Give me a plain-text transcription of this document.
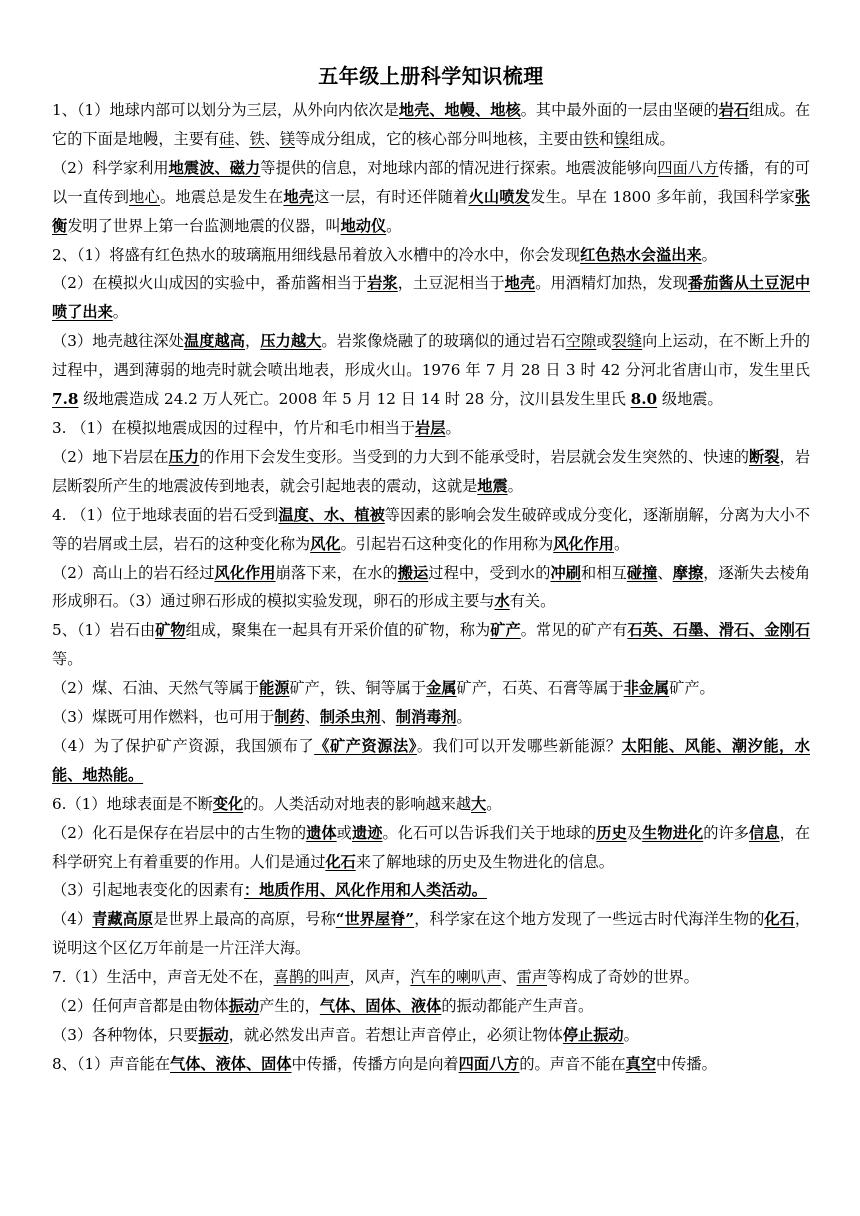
五年级上册科学知识梳理

1、（1）地球内部可以划分为三层，从外向内依次是地壳、地幔、地核。其中最外面的一层由坚硬的岩石组成。在它的下面是地幔，主要有硅、铁、镁等成分组成，它的核心部分叫地核，主要由铁和镍组成。

（2）科学家利用地震波、磁力等提供的信息，对地球内部的情况进行探索。地震波能够向四面八方传播，有的可以一直传到地心。地震总是发生在地壳这一层，有时还伴随着火山喷发发生。早在 1800 多年前，我国科学家张衡发明了世界上第一台监测地震的仪器，叫地动仪。

2、（1）将盛有红色热水的玻璃瓶用细线悬吊着放入水槽中的冷水中，你会发现红色热水会溢出来。

（2）在模拟火山成因的实验中，番茄酱相当于岩浆，土豆泥相当于地壳。用酒精灯加热，发现番茄酱从土豆泥中喷了出来。

（3）地壳越往深处温度越高，压力越大。岩浆像烧融了的玻璃似的通过岩石空隙或裂缝向上运动，在不断上升的过程中，遇到薄弱的地壳时就会喷出地表，形成火山。1976 年 7 月 28 日 3 时 42 分河北省唐山市，发生里氏 7.8 级地震造成 24.2 万人死亡。2008 年 5 月 12 日 14 时 28 分，汶川县发生里氏 8.0 级地震。

3. （1）在模拟地震成因的过程中，竹片和毛巾相当于岩层。

（2）地下岩层在压力的作用下会发生变形。当受到的力大到不能承受时，岩层就会发生突然的、快速的断裂，岩层断裂所产生的地震波传到地表，就会引起地表的震动，这就是地震。

4. （1）位于地球表面的岩石受到温度、水、植被等因素的影响会发生破碎或成分变化，逐渐崩解，分离为大小不等的岩屑或土层，岩石的这种变化称为风化。引起岩石这种变化的作用称为风化作用。

（2）高山上的岩石经过风化作用崩落下来，在水的搬运过程中，受到水的冲刷和相互碰撞、摩擦，逐渐失去棱角形成卵石。（3）通过卵石形成的模拟实验发现，卵石的形成主要与水有关。

5、（1）岩石由矿物组成，聚集在一起具有开采价值的矿物，称为矿产。常见的矿产有石英、石墨、滑石、金刚石等。

（2）煤、石油、天然气等属于能源矿产，铁、铜等属于金属矿产，石英、石膏等属于非金属矿产。

（3）煤既可用作燃料，也可用于制药、制杀虫剂、制消毒剂。

（4）为了保护矿产资源，我国颁布了《矿产资源法》。我们可以开发哪些新能源？太阳能、风能、潮汐能，水能、地热能。

6.（1）地球表面是不断变化的。人类活动对地表的影响越来越大。

（2）化石是保存在岩层中的古生物的遗体或遗迹。化石可以告诉我们关于地球的历史及生物进化的许多信息，在科学研究上有着重要的作用。人们是通过化石来了解地球的历史及生物进化的信息。

（3）引起地表变化的因素有：地质作用、风化作用和人类活动。

（4）青藏高原是世界上最高的高原，号称“世界屋脊”，科学家在这个地方发现了一些远古时代海洋生物的化石，说明这个区亿万年前是一片汪洋大海。

7.（1）生活中，声音无处不在，喜鹊的叫声，风声，汽车的喇叭声、雷声等构成了奇妙的世界。

（2）任何声音都是由物体振动产生的，气体、固体、液体的振动都能产生声音。

（3）各种物体，只要振动，就必然发出声音。若想让声音停止，必须让物体停止振动。

8、（1）声音能在气体、液体、固体中传播，传播方向是向着四面八方的。声音不能在真空中传播。
